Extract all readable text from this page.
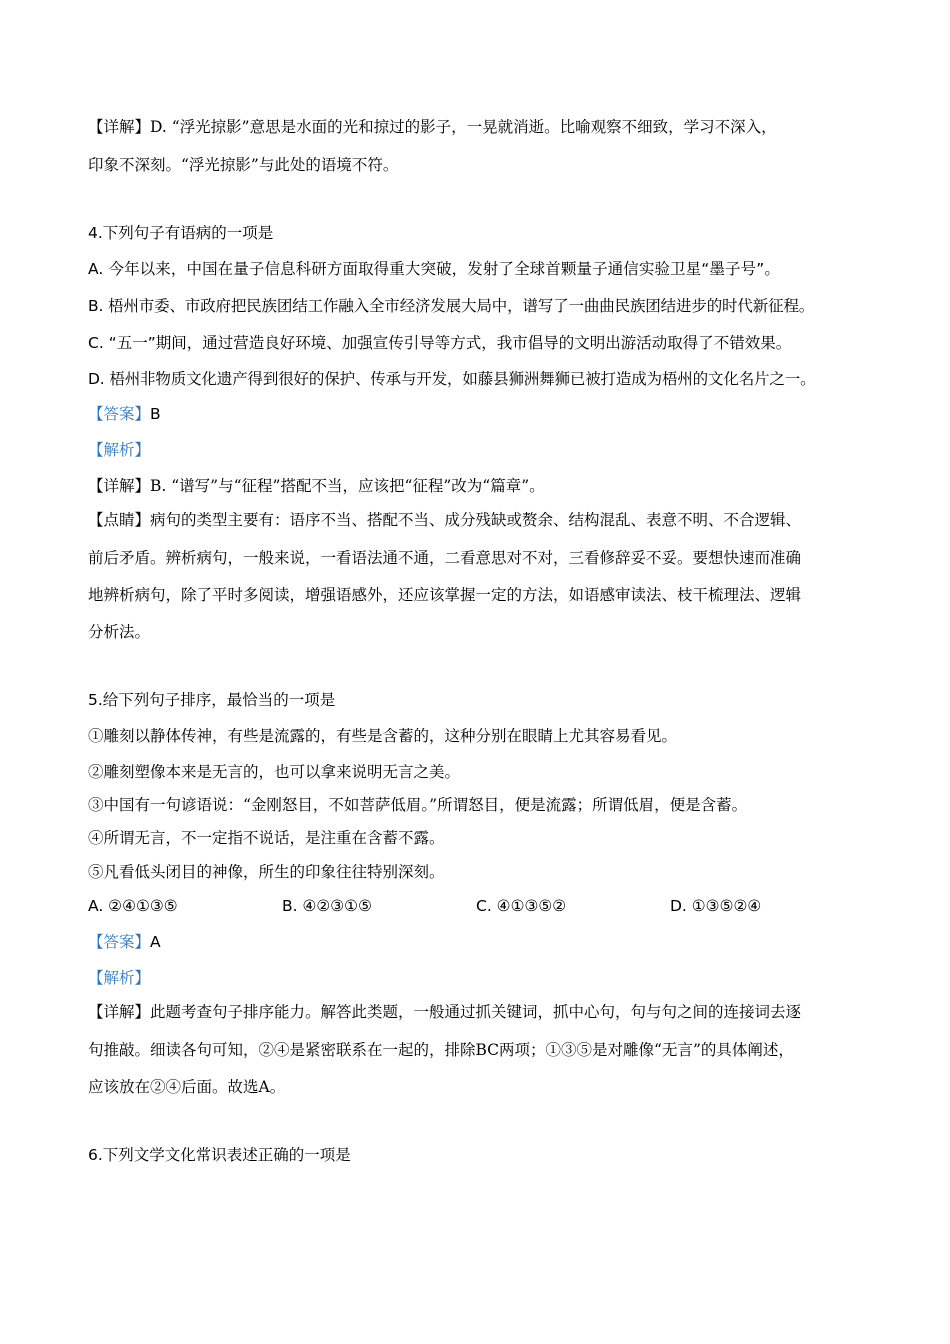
【详解】D. “浮光掠影”意思是水面的光和掠过的影子，一晃就消逝。比喻观察不细致，学习不深入，
印象不深刻。“浮光掠影”与此处的语境不符。
4.下列句子有语病的一项是
A. 今年以来，中国在量子信息科研方面取得重大突破，发射了全球首颗量子通信实验卫星“墨子号”。
B. 梧州市委、市政府把民族团结工作融入全市经济发展大局中，谱写了一曲曲民族团结进步的时代新征程。
C. “五一”期间，通过营造良好环境、加强宣传引导等方式，我市倡导的文明出游活动取得了不错效果。
D. 梧州非物质文化遗产得到很好的保护、传承与开发，如藤县狮洲舞狮已被打造成为梧州的文化名片之一。
【答案】B
【解析】
【详解】B. “谱写”与“征程”搭配不当，应该把“征程”改为“篇章”。
【点睛】病句的类型主要有：语序不当、搭配不当、成分残缺或赘余、结构混乱、表意不明、不合逻辑、
前后矛盾。辨析病句，一般来说，一看语法通不通，二看意思对不对，三看修辞妥不妥。要想快速而准确
地辨析病句，除了平时多阅读，增强语感外，还应该掌握一定的方法，如语感审读法、枝干梳理法、逻辑
分析法。
5.给下列句子排序，最恰当的一项是
①雕刻以静体传神，有些是流露的，有些是含蓄的，这种分别在眼睛上尤其容易看见。
②雕刻塑像本来是无言的，也可以拿来说明无言之美。
③中国有一句谚语说：“金刚怒目，不如菩萨低眉。”所谓怒目，便是流露；所谓低眉，便是含蓄。
④所谓无言，不一定指不说话，是注重在含蓄不露。
⑤凡看低头闭目的神像，所生的印象往往特别深刻。
A. ②④①③⑤	B. ④②③①⑤	C. ④①③⑤②	D. ①③⑤②④
【答案】A
【解析】
【详解】此题考查句子排序能力。解答此类题，一般通过抓关键词，抓中心句，句与句之间的连接词去逐
句推敲。细读各句可知，②④是紧密联系在一起的，排除BC两项；①③⑤是对雕像“无言”的具体阐述，
应该放在②④后面。故选A。
6.下列文学文化常识表述正确的一项是
